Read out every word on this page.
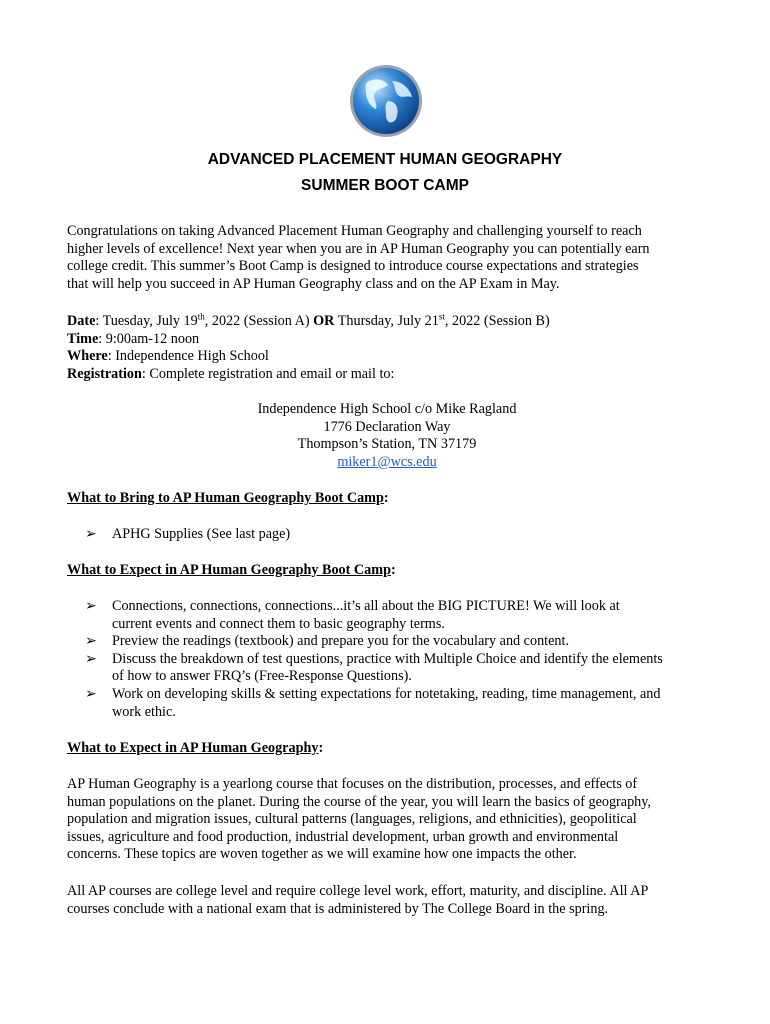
ADVANCED PLACEMENT HUMAN GEOGRAPHY
SUMMER BOOT CAMP

Congratulations on taking Advanced Placement Human Geography and challenging yourself to reach

higher levels of excellence! Next year when you are in AP Human Geography you can potentially earn

college credit. This summer’s Boot Camp is designed to introduce course expectations and strategies

that will help you succeed in AP Human Geography class and on the AP Exam in May.

Date: Tuesday, July 19th, 2022 (Session A) OR Thursday, July 21st, 2022 (Session B)

Time: 9:00am-12 noon

Where: Independence High School

Registration: Complete registration and email or mail to:

Independence High School c/o Mike Ragland

1776 Declaration Way

Thompson’s Station, TN 37179

miker1@wcs.edu

What to Bring to AP Human Geography Boot Camp:

➢ APHG Supplies (See last page)

What to Expect in AP Human Geography Boot Camp:

➢ Connections, connections, connections...it’s all about the BIG PICTURE! We will look at
current events and connect them to basic geography terms.
➢ Preview the readings (textbook) and prepare you for the vocabulary and content.
➢ Discuss the breakdown of test questions, practice with Multiple Choice and identify the elements
of how to answer FRQ’s (Free-Response Questions).
➢ Work on developing skills & setting expectations for notetaking, reading, time management, and
work ethic.

What to Expect in AP Human Geography:

AP Human Geography is a yearlong course that focuses on the distribution, processes, and effects of

human populations on the planet. During the course of the year, you will learn the basics of geography,

population and migration issues, cultural patterns (languages, religions, and ethnicities), geopolitical

issues, agriculture and food production, industrial development, urban growth and environmental

concerns. These topics are woven together as we will examine how one impacts the other.

All AP courses are college level and require college level work, effort, maturity, and discipline. All AP

courses conclude with a national exam that is administered by The College Board in the spring.
